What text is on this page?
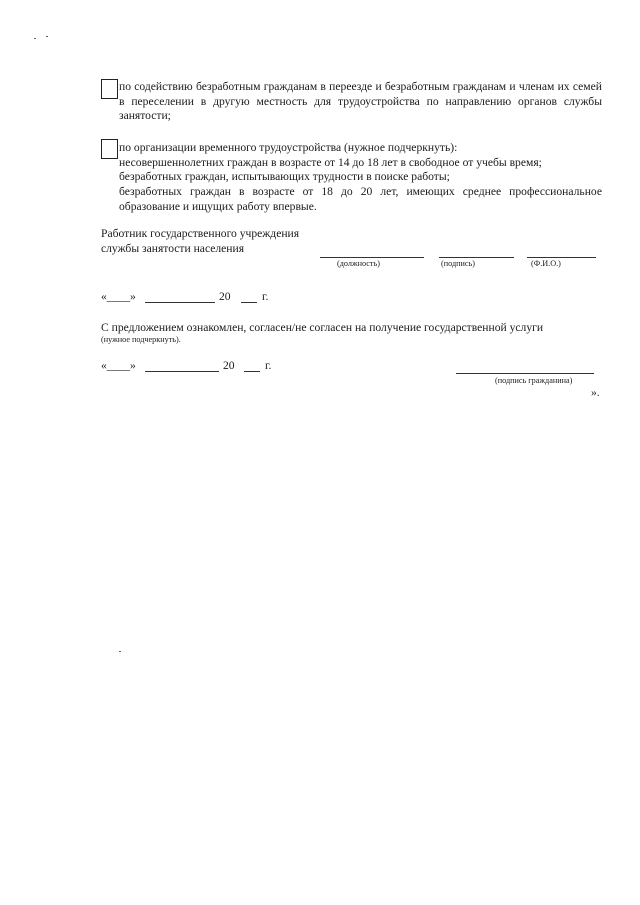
по содействию безработным гражданам в переезде и безработным гражданам и членам их семей в переселении в другую местность для трудоустройства по направлению органов службы занятости;
по организации временного трудоустройства (нужное подчеркнуть):
несовершеннолетних граждан в возрасте от 14 до 18 лет в свободное от учебы время;
безработных граждан, испытывающих трудности в поиске работы;
безработных граждан в возрасте от 18 до 20 лет, имеющих среднее профессиональное образование и ищущих работу впервые.
Работник государственного учреждения
службы занятости населения
(должность)	(подпись)	(Ф.И.О.)
«____»	20	г.
С предложением ознакомлен, согласен/не согласен на получение государственной услуги
(нужное подчеркнуть).
«____»	20	г.
(подпись гражданина)
».
